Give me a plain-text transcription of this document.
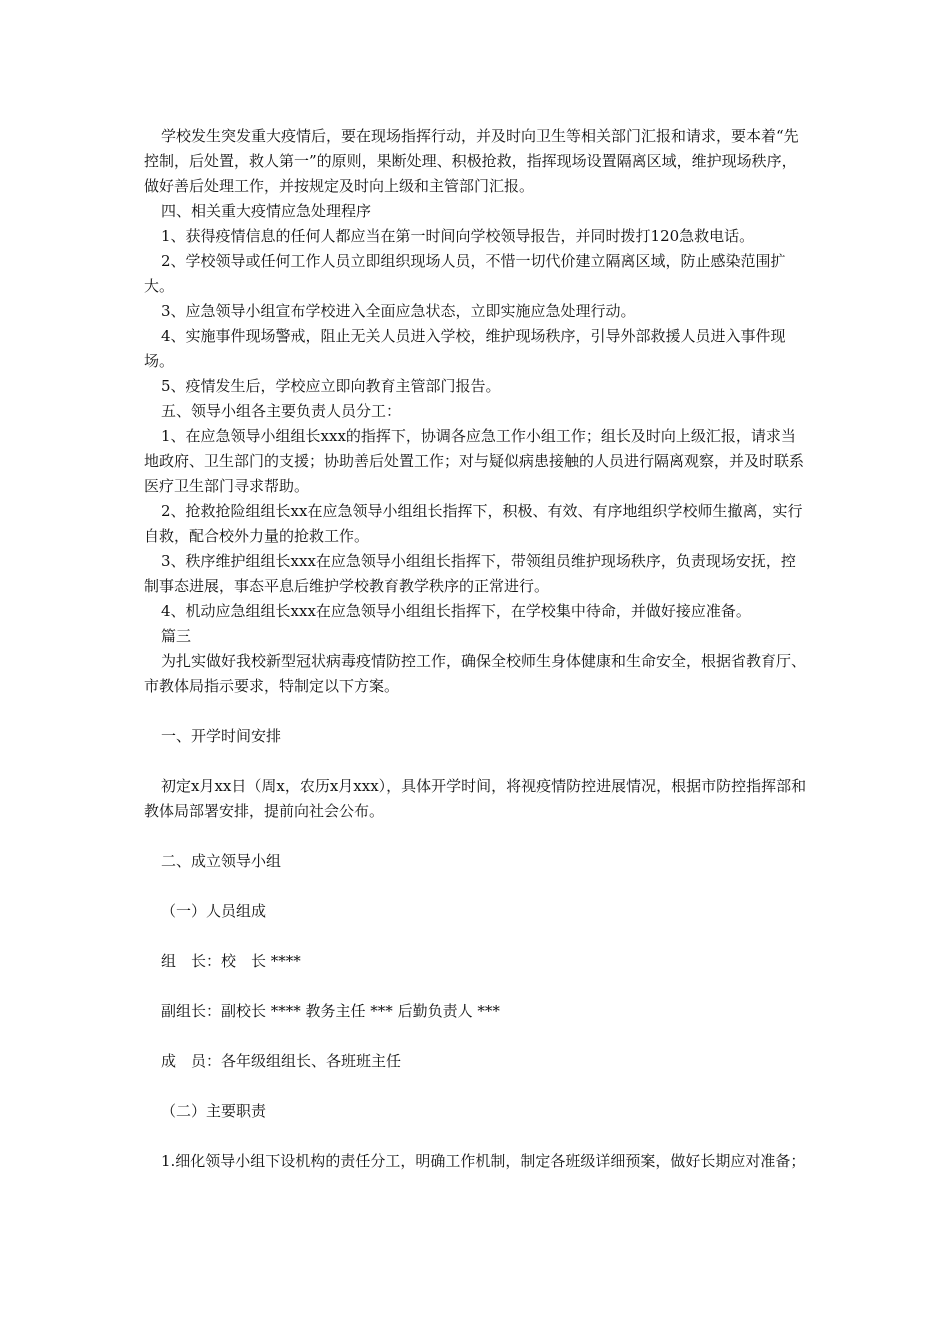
学校发生突发重大疫情后，要在现场指挥行动，并及时向卫生等相关部门汇报和请求，要本着“先控制，后处置，救人第一”的原则，果断处理、积极抢救，指挥现场设置隔离区域，维护现场秩序，做好善后处理工作，并按规定及时向上级和主管部门汇报。

四、相关重大疫情应急处理程序

1、获得疫情信息的任何人都应当在第一时间向学校领导报告，并同时拨打120急救电话。

2、学校领导或任何工作人员立即组织现场人员，不惜一切代价建立隔离区域，防止感染范围扩大。

3、应急领导小组宣布学校进入全面应急状态，立即实施应急处理行动。

4、实施事件现场警戒，阻止无关人员进入学校，维护现场秩序，引导外部救援人员进入事件现场。

5、疫情发生后，学校应立即向教育主管部门报告。

五、领导小组各主要负责人员分工：

1、在应急领导小组组长xxx的指挥下，协调各应急工作小组工作；组长及时向上级汇报，请求当地政府、卫生部门的支援；协助善后处置工作；对与疑似病患接触的人员进行隔离观察，并及时联系医疗卫生部门寻求帮助。

2、抢救抢险组组长xx在应急领导小组组长指挥下，积极、有效、有序地组织学校师生撤离，实行自救，配合校外力量的抢救工作。

3、秩序维护组组长xxx在应急领导小组组长指挥下，带领组员维护现场秩序，负责现场安抚，控制事态进展，事态平息后维护学校教育教学秩序的正常进行。

4、机动应急组组长xxx在应急领导小组组长指挥下，在学校集中待命，并做好接应准备。

篇三

为扎实做好我校新型冠状病毒疫情防控工作，确保全校师生身体健康和生命安全，根据省教育厅、市教体局指示要求，特制定以下方案。

一、开学时间安排

初定x月xx日（周x，农历x月xxx），具体开学时间，将视疫情防控进展情况，根据市防控指挥部和教体局部署安排，提前向社会公布。

二、成立领导小组

（一）人员组成

组　长：校　长 ****

副组长：副校长 **** 教务主任 *** 后勤负责人 ***

成　员：各年级组组长、各班班主任

（二）主要职责

1.细化领导小组下设机构的责任分工，明确工作机制，制定各班级详细预案，做好长期应对准备；
